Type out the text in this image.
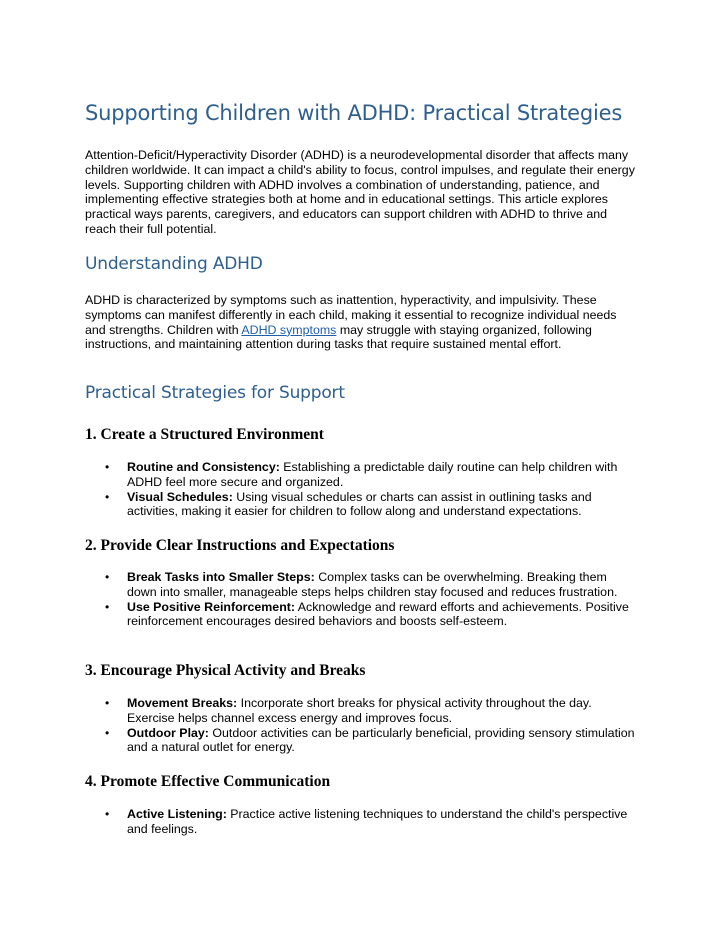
Supporting Children with ADHD: Practical Strategies

Attention-Deficit/Hyperactivity Disorder (ADHD) is a neurodevelopmental disorder that affects many children worldwide. It can impact a child's ability to focus, control impulses, and regulate their energy levels. Supporting children with ADHD involves a combination of understanding, patience, and implementing effective strategies both at home and in educational settings. This article explores practical ways parents, caregivers, and educators can support children with ADHD to thrive and reach their full potential.

Understanding ADHD

ADHD is characterized by symptoms such as inattention, hyperactivity, and impulsivity. These symptoms can manifest differently in each child, making it essential to recognize individual needs and strengths. Children with ADHD symptoms may struggle with staying organized, following instructions, and maintaining attention during tasks that require sustained mental effort.

Practical Strategies for Support
1. Create a Structured Environment
• Routine and Consistency: Establishing a predictable daily routine can help children with ADHD feel more secure and organized.
• Visual Schedules: Using visual schedules or charts can assist in outlining tasks and activities, making it easier for children to follow along and understand expectations.
2. Provide Clear Instructions and Expectations
• Break Tasks into Smaller Steps: Complex tasks can be overwhelming. Breaking them down into smaller, manageable steps helps children stay focused and reduces frustration.
• Use Positive Reinforcement: Acknowledge and reward efforts and achievements. Positive reinforcement encourages desired behaviors and boosts self-esteem.
3. Encourage Physical Activity and Breaks
• Movement Breaks: Incorporate short breaks for physical activity throughout the day. Exercise helps channel excess energy and improves focus.
• Outdoor Play: Outdoor activities can be particularly beneficial, providing sensory stimulation and a natural outlet for energy.
4. Promote Effective Communication
• Active Listening: Practice active listening techniques to understand the child's perspective and feelings.
